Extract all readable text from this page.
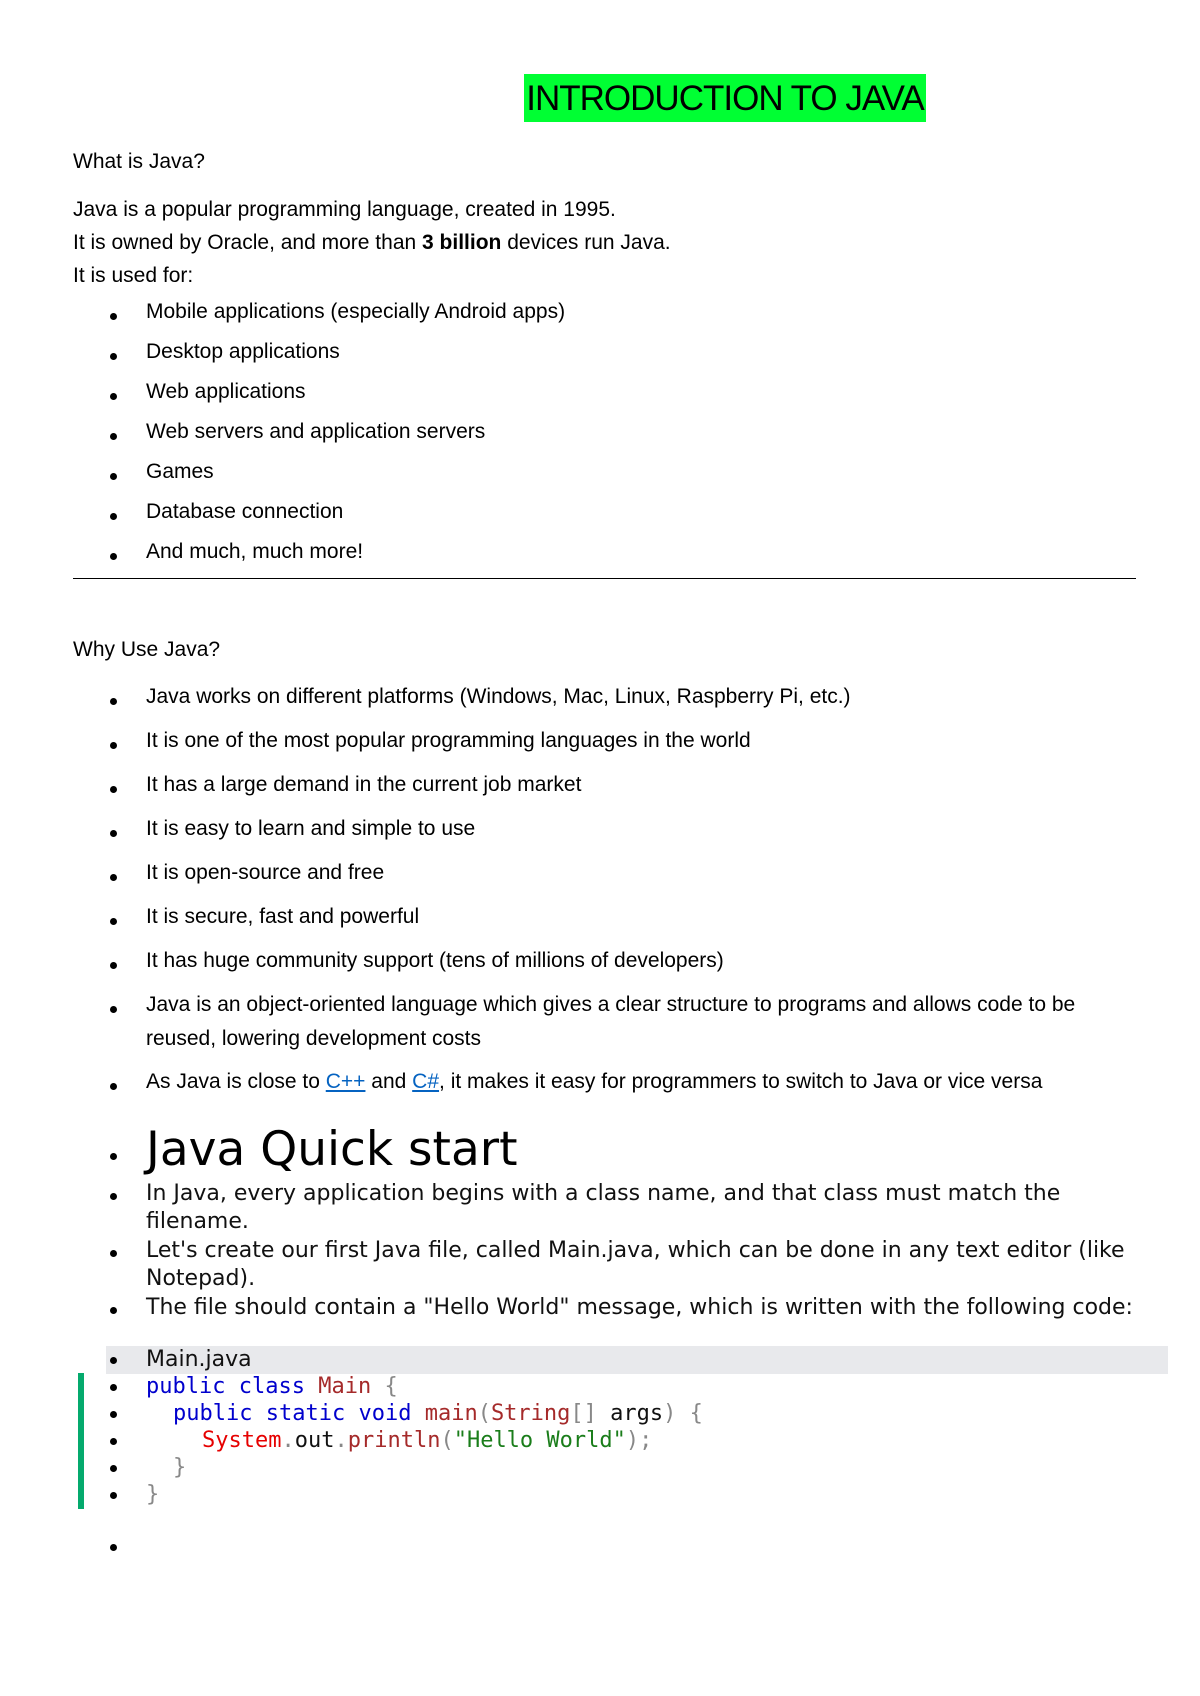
INTRODUCTION TO JAVA
What is Java?
Java is a popular programming language, created in 1995.
It is owned by Oracle, and more than 3 billion devices run Java.
It is used for:
Mobile applications (especially Android apps)
Desktop applications
Web applications
Web servers and application servers
Games
Database connection
And much, much more!
Why Use Java?
Java works on different platforms (Windows, Mac, Linux, Raspberry Pi, etc.)
It is one of the most popular programming languages in the world
It has a large demand in the current job market
It is easy to learn and simple to use
It is open-source and free
It is secure, fast and powerful
It has huge community support (tens of millions of developers)
Java is an object-oriented language which gives a clear structure to programs and allows code to be reused, lowering development costs
As Java is close to C++ and C#, it makes it easy for programmers to switch to Java or vice versa
Java Quick start
In Java, every application begins with a class name, and that class must match the filename.
Let's create our first Java file, called Main.java, which can be done in any text editor (like Notepad).
The file should contain a "Hello World" message, which is written with the following code:
Main.java
public class Main {
public static void main(String[] args) {
System.out.println("Hello World");
}
}
